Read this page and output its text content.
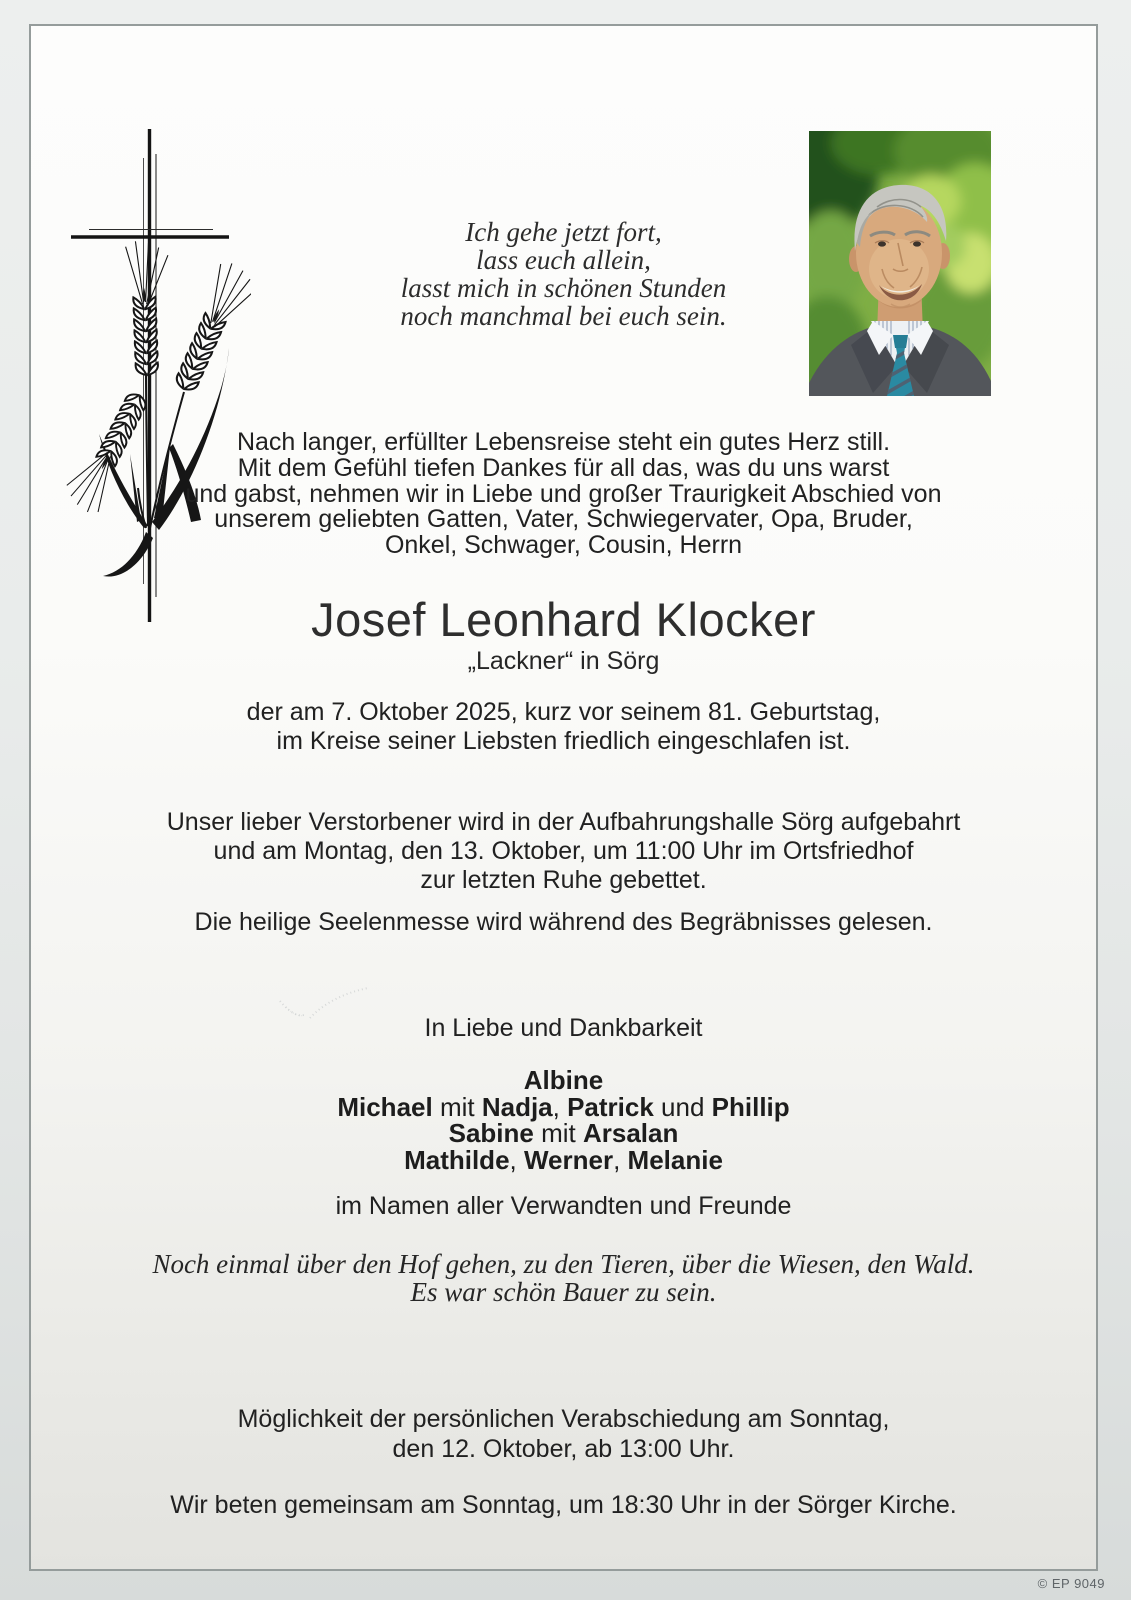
Ich gehe jetzt fort,
lass euch allein,
lasst mich in schönen Stunden
noch manchmal bei euch sein.
Nach langer, erfüllter Lebensreise steht ein gutes Herz still.
Mit dem Gefühl tiefen Dankes für all das, was du uns warst
und gabst, nehmen wir in Liebe und großer Traurigkeit Abschied von
unserem geliebten Gatten, Vater, Schwiegervater, Opa, Bruder,
Onkel, Schwager, Cousin, Herrn
Josef Leonhard Klocker
„Lackner“ in Sörg
der am 7. Oktober 2025, kurz vor seinem 81. Geburtstag,
im Kreise seiner Liebsten friedlich eingeschlafen ist.
Unser lieber Verstorbener wird in der Aufbahrungshalle Sörg aufgebahrt
und am Montag, den 13. Oktober, um 11:00 Uhr im Ortsfriedhof
zur letzten Ruhe gebettet.
Die heilige Seelenmesse wird während des Begräbnisses gelesen.
In Liebe und Dankbarkeit
Albine
Michael mit Nadja, Patrick und Phillip
Sabine mit Arsalan
Mathilde, Werner, Melanie
im Namen aller Verwandten und Freunde
Noch einmal über den Hof gehen, zu den Tieren, über die Wiesen, den Wald.
Es war schön Bauer zu sein.
Möglichkeit der persönlichen Verabschiedung am Sonntag,
den 12. Oktober, ab 13:00 Uhr.
Wir beten gemeinsam am Sonntag, um 18:30 Uhr in der Sörger Kirche.
© EP 9049
